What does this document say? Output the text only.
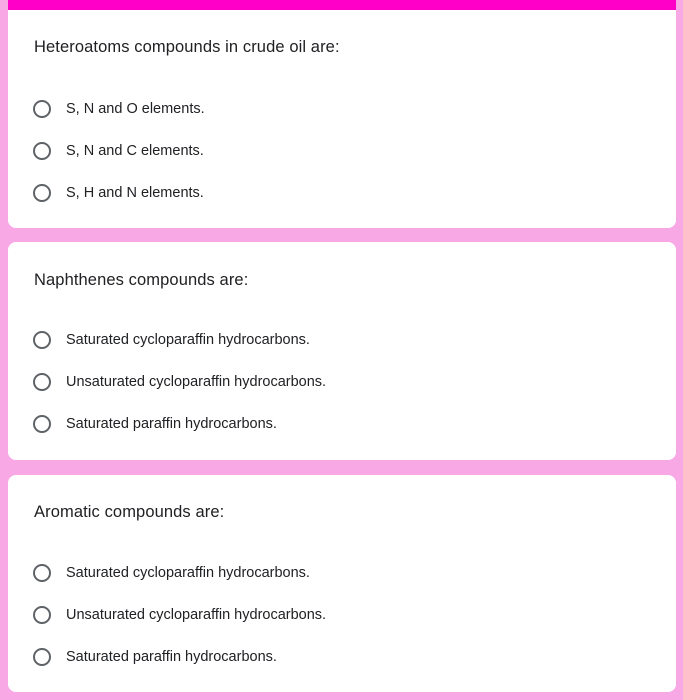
Heteroatoms compounds in crude oil are:
S, N and O elements.
S, N and C elements.
S, H and N elements.
Naphthenes compounds are:
Saturated cycloparaffin hydrocarbons.
Unsaturated cycloparaffin hydrocarbons.
Saturated paraffin hydrocarbons.
Aromatic compounds are:
Saturated cycloparaffin hydrocarbons.
Unsaturated cycloparaffin hydrocarbons.
Saturated paraffin hydrocarbons.
